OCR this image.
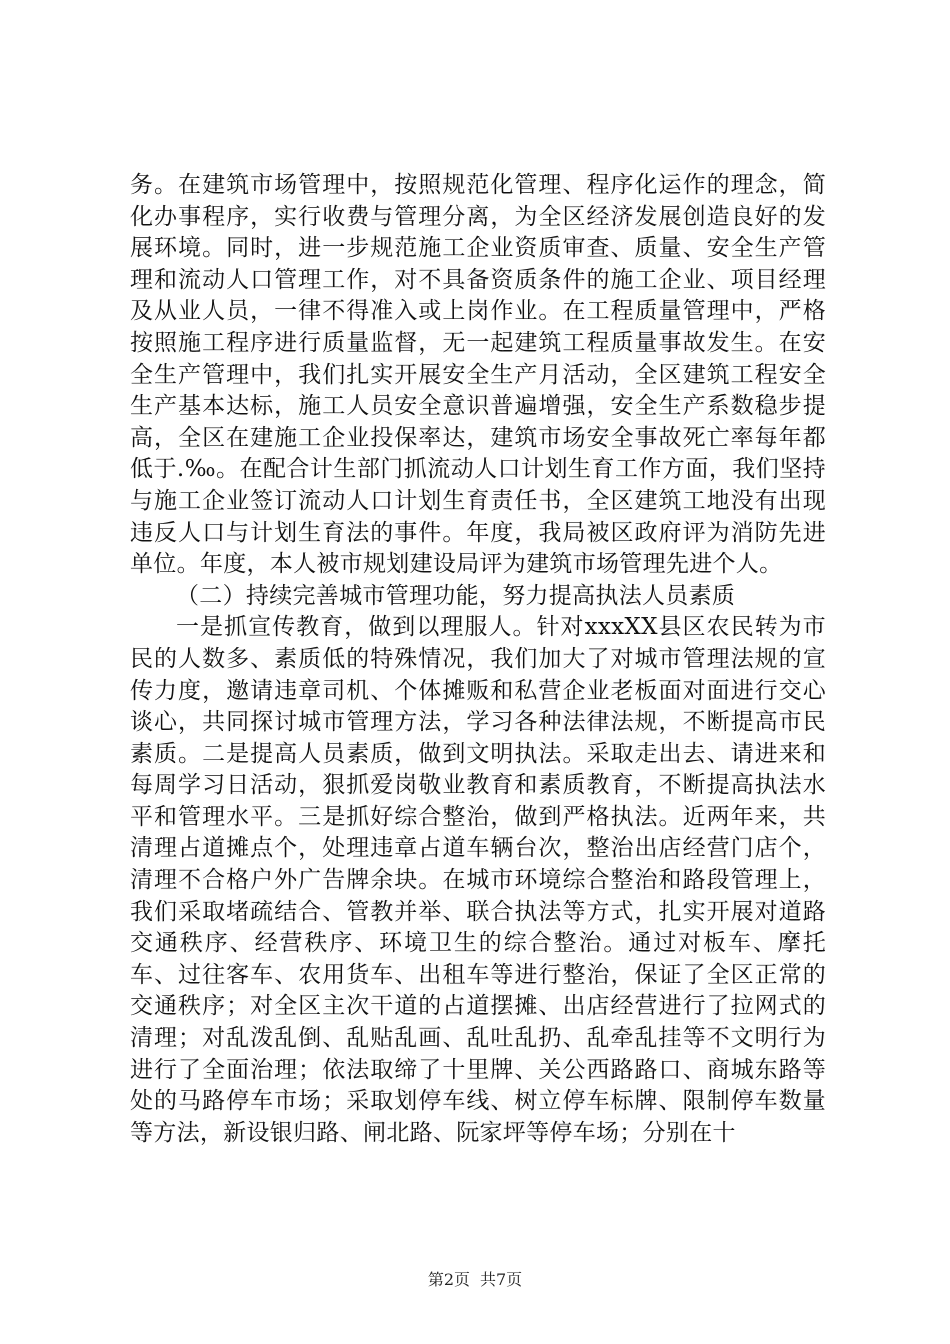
务。在建筑市场管理中，按照规范化管理、程序化运作的理念，简化办事程序，实行收费与管理分离，为全区经济发展创造良好的发展环境。同时，进一步规范施工企业资质审查、质量、安全生产管理和流动人口管理工作，对不具备资质条件的施工企业、项目经理及从业人员，一律不得准入或上岗作业。在工程质量管理中，严格按照施工程序进行质量监督，无一起建筑工程质量事故发生。在安全生产管理中，我们扎实开展安全生产月活动，全区建筑工程安全生产基本达标，施工人员安全意识普遍增强，安全生产系数稳步提高，全区在建施工企业投保率达，建筑市场安全事故死亡率每年都低于.‰。在配合计生部门抓流动人口计划生育工作方面，我们坚持与施工企业签订流动人口计划生育责任书，全区建筑工地没有出现违反人口与计划生育法的事件。年度，我局被区政府评为消防先进单位。年度，本人被市规划建设局评为建筑市场管理先进个人。

（二）持续完善城市管理功能，努力提高执法人员素质

一是抓宣传教育，做到以理服人。针对xxxXX县区农民转为市民的人数多、素质低的特殊情况，我们加大了对城市管理法规的宣传力度，邀请违章司机、个体摊贩和私营企业老板面对面进行交心谈心，共同探讨城市管理方法，学习各种法律法规，不断提高市民素质。二是提高人员素质，做到文明执法。采取走出去、请进来和每周学习日活动，狠抓爱岗敬业教育和素质教育，不断提高执法水平和管理水平。三是抓好综合整治，做到严格执法。近两年来，共清理占道摊点个，处理违章占道车辆台次，整治出店经营门店个，清理不合格户外广告牌余块。在城市环境综合整治和路段管理上，我们采取堵疏结合、管教并举、联合执法等方式，扎实开展对道路交通秩序、经营秩序、环境卫生的综合整治。通过对板车、摩托车、过往客车、农用货车、出租车等进行整治，保证了全区正常的交通秩序；对全区主次干道的占道摆摊、出店经营进行了拉网式的清理；对乱泼乱倒、乱贴乱画、乱吐乱扔、乱牵乱挂等不文明行为进行了全面治理；依法取缔了十里牌、关公西路路口、商城东路等处的马路停车市场；采取划停车线、树立停车标牌、限制停车数量等方法，新设银归路、闸北路、阮家坪等停车场；分别在十

第2页 共7页
